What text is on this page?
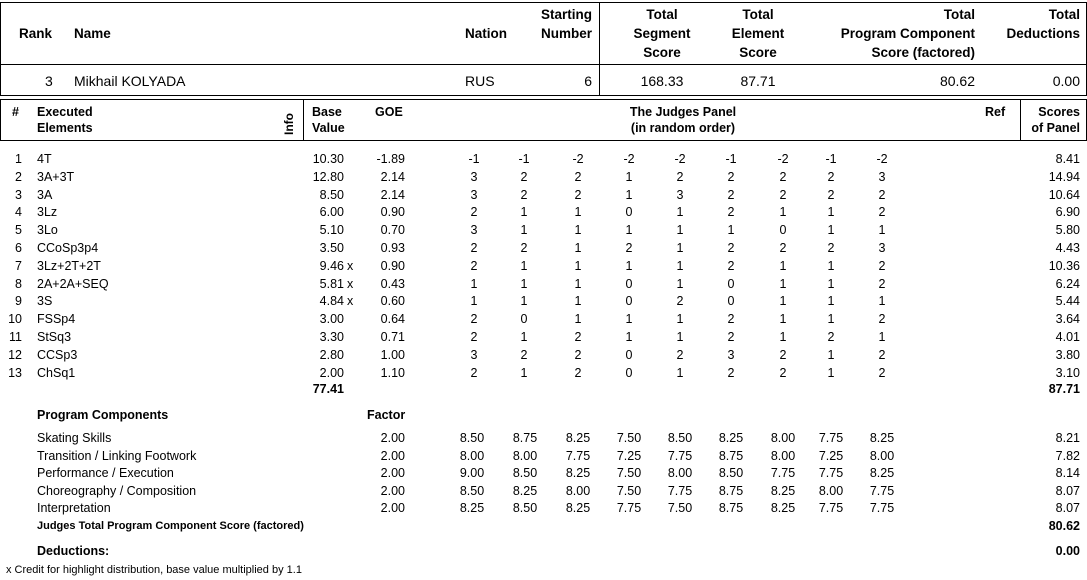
Rank Name	Nation
Starting
Number
Total
Segment
Score
Total
Element
Score
Total
Program Component
Score (factored)
Total
Deductions
3 Mikhail KOLYADA	RUS	6	168.33	87.71	80.62	0.00
# Executed
Elements	Info
Base
Value
GOE	The Judges Panel
(in random order)
Ref	Scores
of Panel
1 4T	10.30	-1.89	-1	-1	-2	-2	-2	-1	-2	-1	-2	8.41
2 3A+3T	12.80	2.14	3	2	2	1	2	2	2	2	3	14.94
3 3A	8.50	2.14	3	2	2	1	3	2	2	2	2	10.64
4 3Lz	6.00	0.90	2	1	1	0	1	2	1	1	2	6.90
5 3Lo	5.10	0.70	3	1	1	1	1	1	0	1	1	5.80
6 CCoSp3p4	3.50	0.93	2	2	1	2	1	2	2	2	3	4.43
7 3Lz+2T+2T	9.46 x	0.90	2	1	1	1	1	2	1	1	2	10.36
8 2A+2A+SEQ	5.81 x	0.43	1	1	1	0	1	0	1	1	2	6.24
9 3S	4.84 x	0.60	1	1	1	0	2	0	1	1	1	5.44
10 FSSp4	3.00	0.64	2	0	1	1	1	2	1	1	2	3.64
11 StSq3	3.30	0.71	2	1	2	1	1	2	1	2	1	4.01
12 CCSp3	2.80	1.00	3	2	2	0	2	3	2	1	2	3.80
13 ChSq1	2.00	1.10	2	1	2	0	1	2	2	1	2	3.10
77.41	87.71
Program Components	Factor
Skating Skills	2.00	8.50	8.75	8.25	7.50	8.50	8.25	8.00	7.75	8.25	8.21
Transition / Linking Footwork	2.00	8.00	8.00	7.75	7.25	7.75	8.75	8.00	7.25	8.00	7.82
Performance / Execution	2.00	9.00	8.50	8.25	7.50	8.00	8.50	7.75	7.75	8.25	8.14
Choreography / Composition	2.00	8.50	8.25	8.00	7.50	7.75	8.75	8.25	8.00	7.75	8.07
Interpretation	2.00	8.25	8.50	8.25	7.75	7.50	8.75	8.25	7.75	7.75	8.07
Judges Total Program Component Score (factored)	80.62
Deductions:	0.00
x Credit for highlight distribution, base value multiplied by 1.1
